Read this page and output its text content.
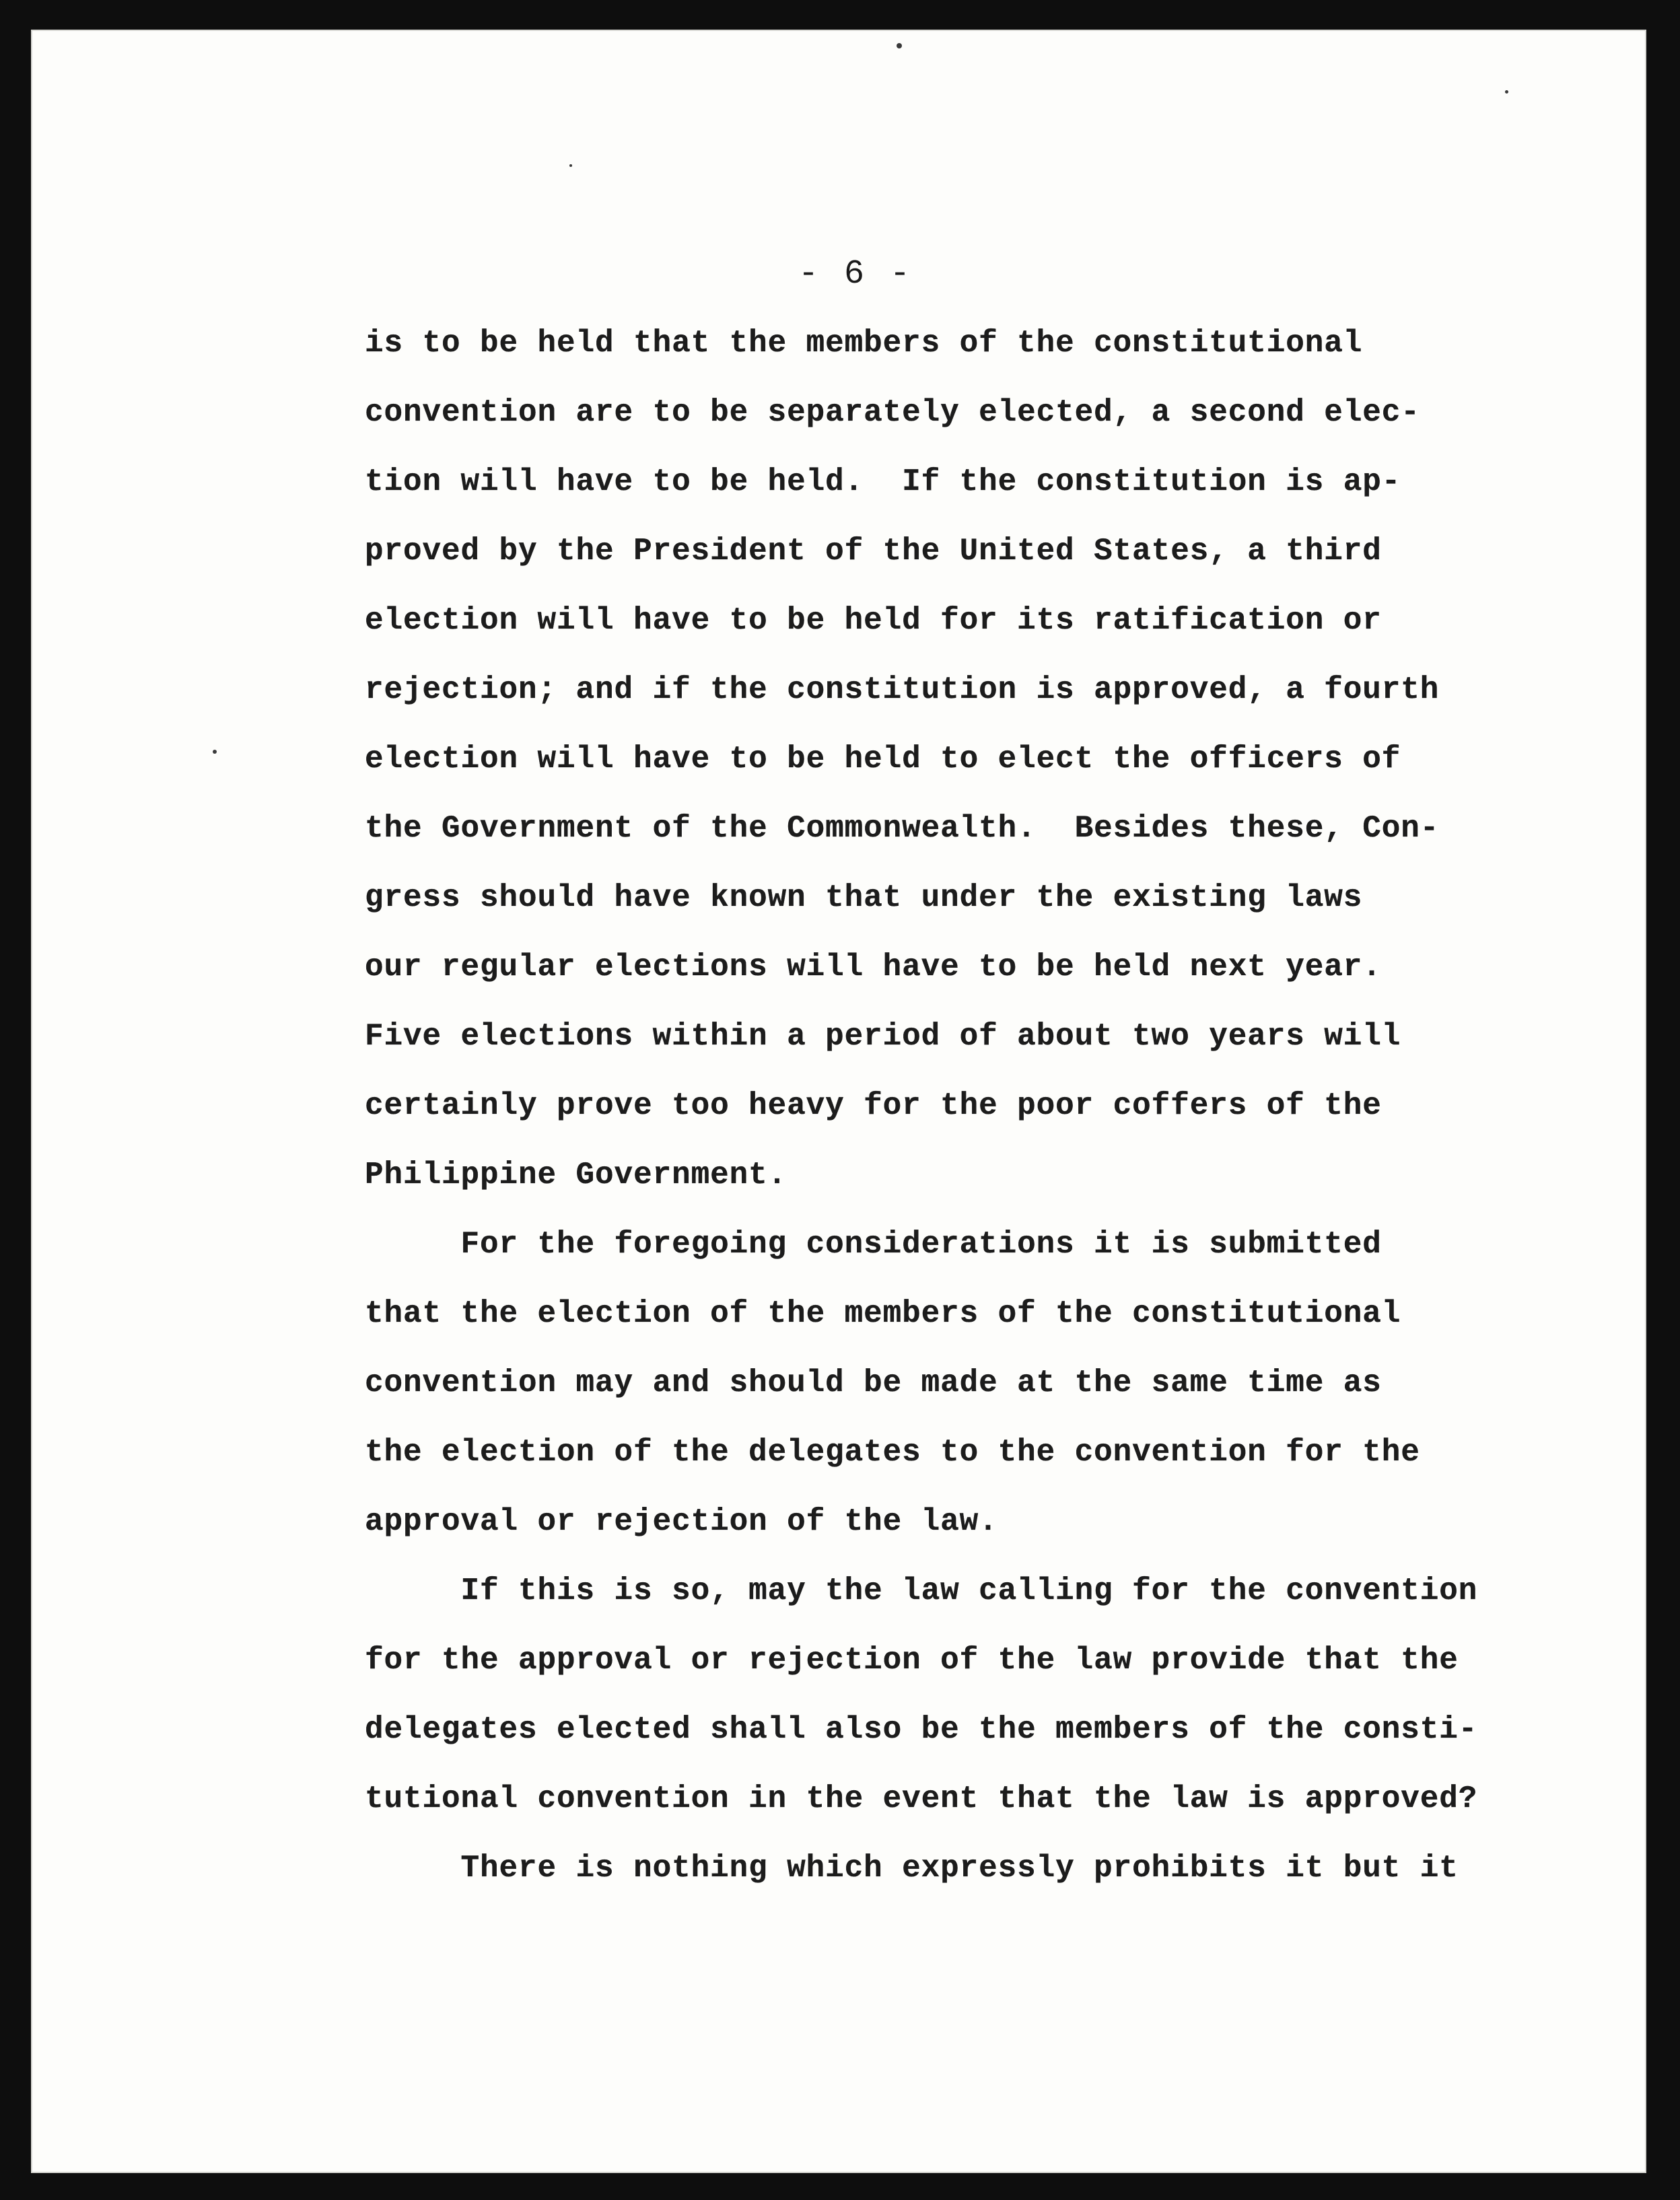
- 6 -
is to be held that the members of the constitutional
convention are to be separately elected, a second elec-
tion will have to be held.  If the constitution is ap-
proved by the President of the United States, a third
election will have to be held for its ratification or
rejection; and if the constitution is approved, a fourth
election will have to be held to elect the officers of
the Government of the Commonwealth.  Besides these, Con-
gress should have known that under the existing laws
our regular elections will have to be held next year.
Five elections within a period of about two years will
certainly prove too heavy for the poor coffers of the
Philippine Government.
For the foregoing considerations it is submitted
that the election of the members of the constitutional
convention may and should be made at the same time as
the election of the delegates to the convention for the
approval or rejection of the law.
If this is so, may the law calling for the convention
for the approval or rejection of the law provide that the
delegates elected shall also be the members of the consti-
tutional convention in the event that the law is approved?
There is nothing which expressly prohibits it but it
